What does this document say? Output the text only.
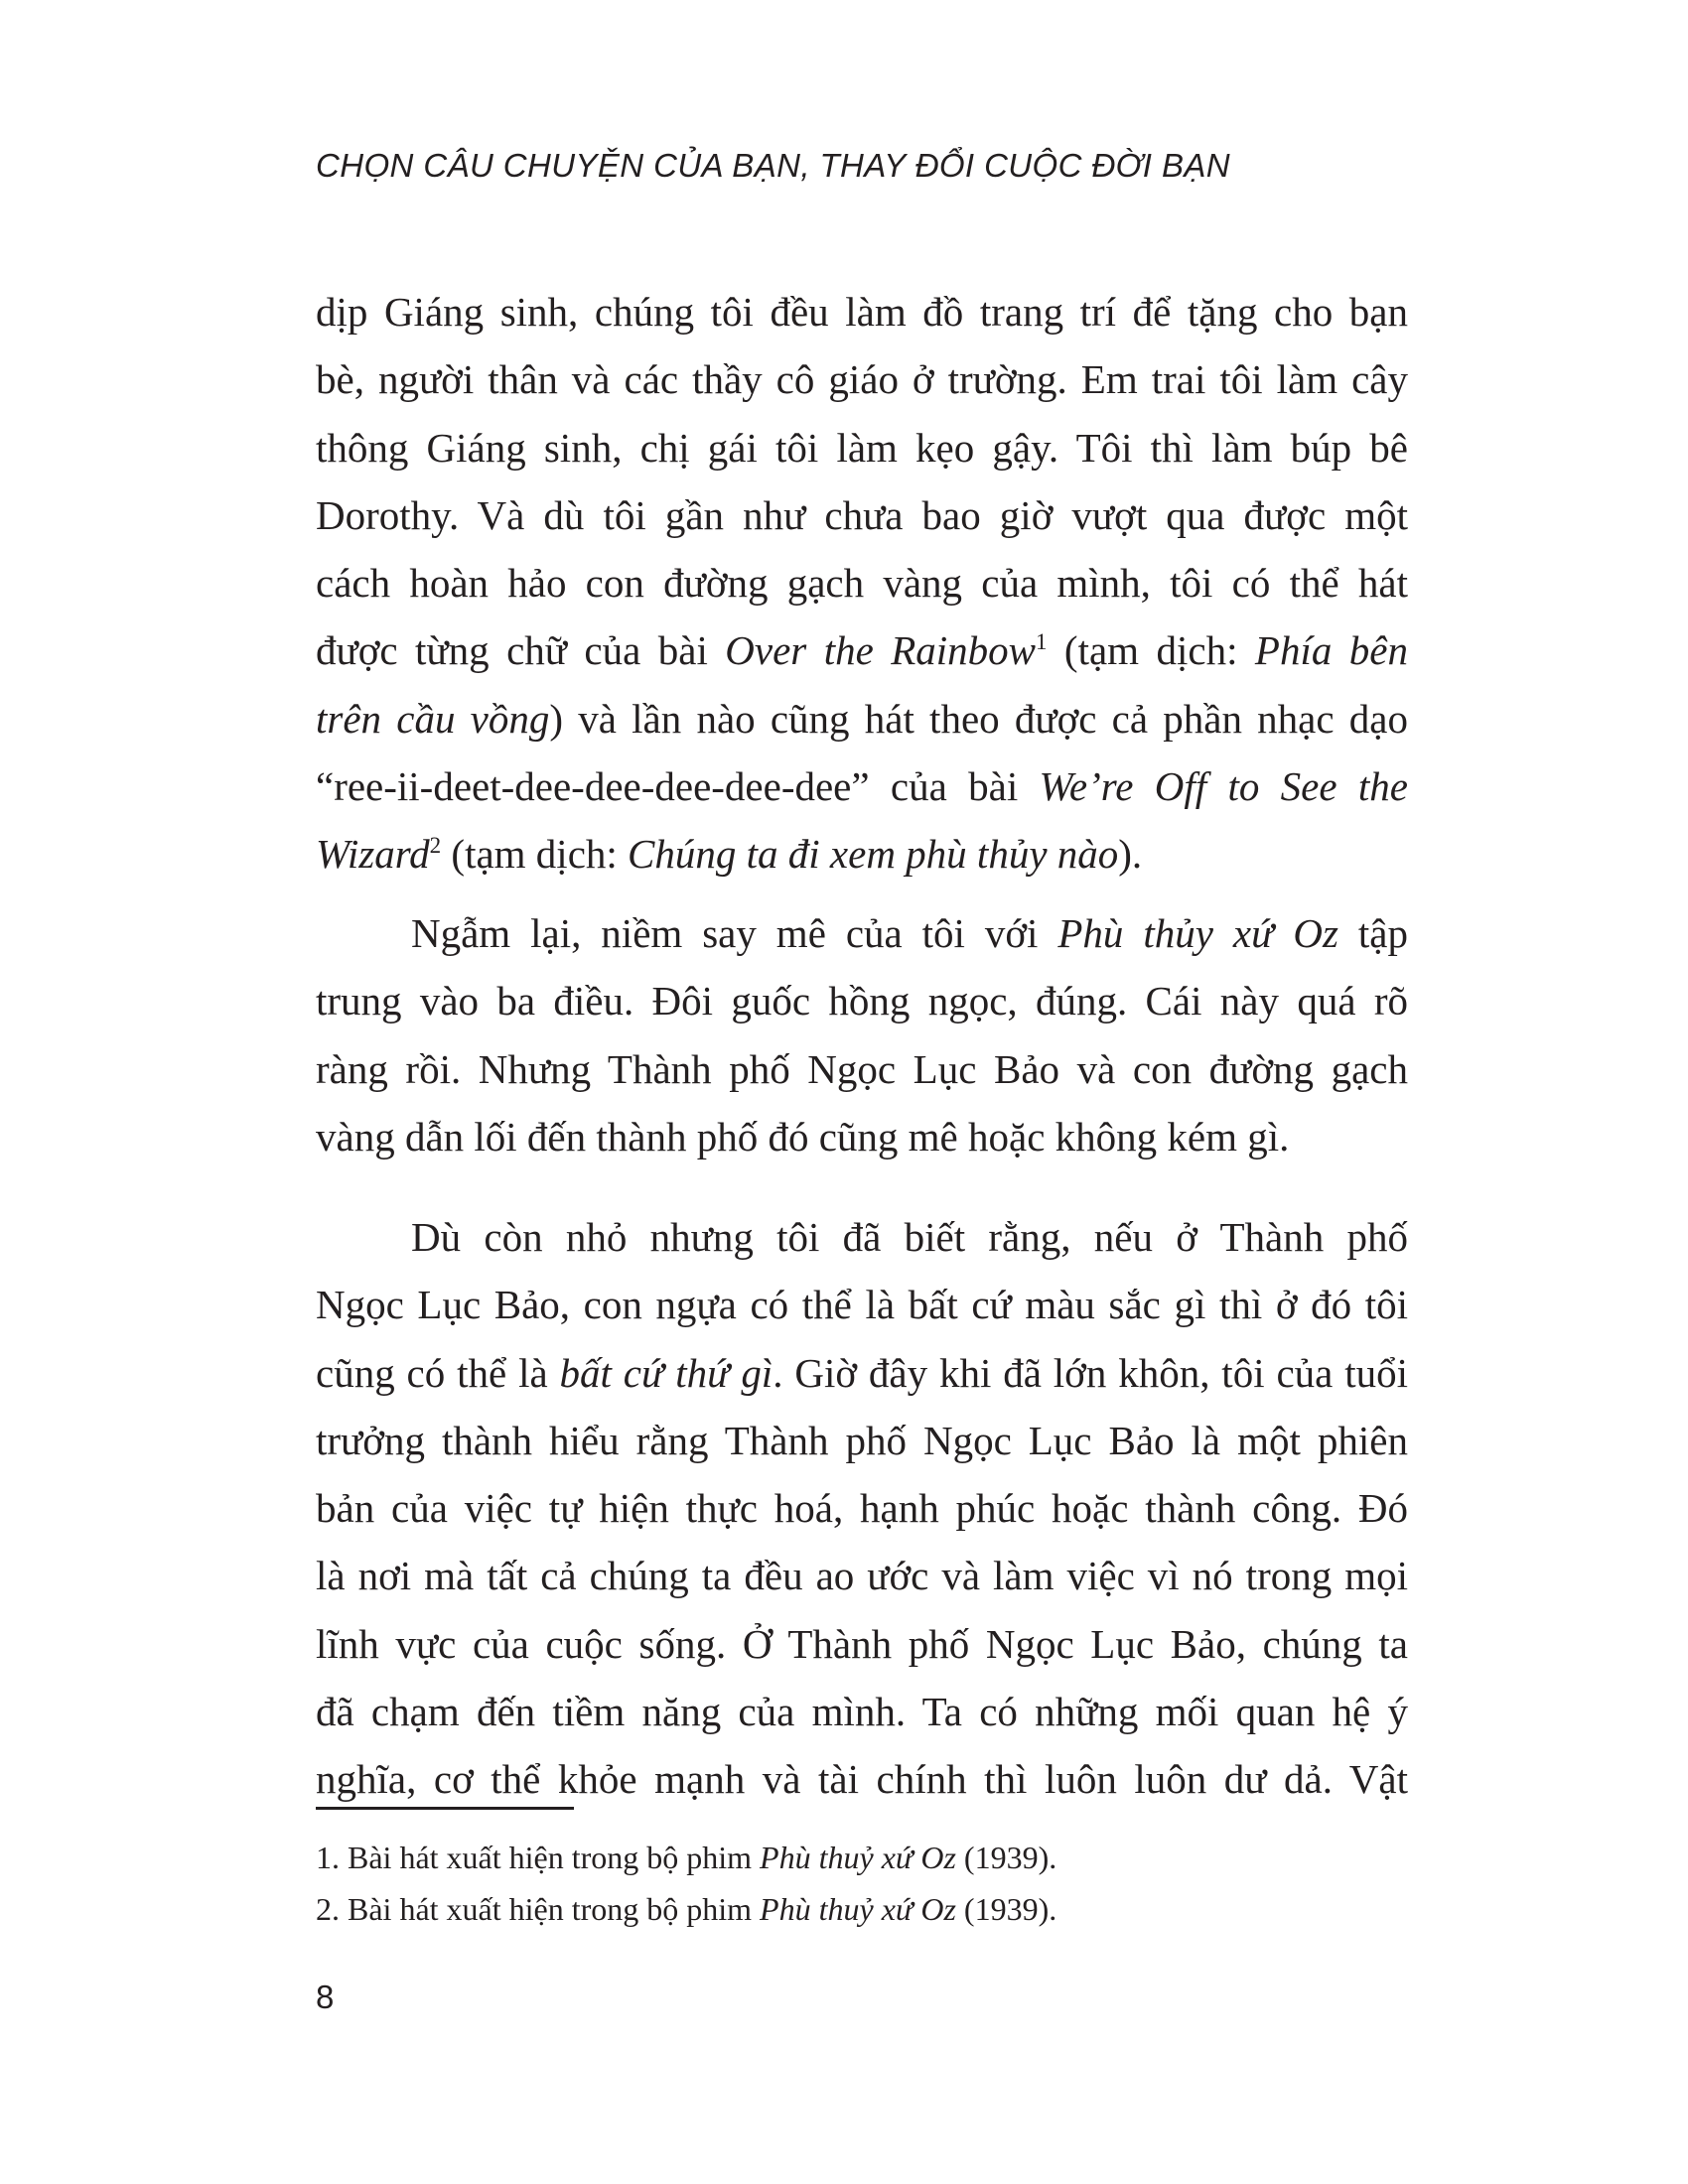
CHỌN CÂU CHUYỆN CỦA BẠN, THAY ĐỔI CUỘC ĐỜI BẠN
dịp Giáng sinh, chúng tôi đều làm đồ trang trí để tặng cho bạn
bè, người thân và các thầy cô giáo ở trường. Em trai tôi làm cây
thông Giáng sinh, chị gái tôi làm kẹo gậy. Tôi thì làm búp bê
Dorothy. Và dù tôi gần như chưa bao giờ vượt qua được một
cách hoàn hảo con đường gạch vàng của mình, tôi có thể hát
được từng chữ của bài Over the Rainbow$^1$ (tạm dịch: Phía bên
trên cầu vồng) và lần nào cũng hát theo được cả phần nhạc dạo
“ree-ii-deet-dee-dee-dee-dee-dee” của bài We’re Off to See the
Wizard$^2$ (tạm dịch: Chúng ta đi xem phù thủy nào).
Ngẫm lại, niềm say mê của tôi với Phù thủy xứ Oz tập
trung vào ba điều. Đôi guốc hồng ngọc, đúng. Cái này quá rõ
ràng rồi. Nhưng Thành phố Ngọc Lục Bảo và con đường gạch
vàng dẫn lối đến thành phố đó cũng mê hoặc không kém gì.
Dù còn nhỏ nhưng tôi đã biết rằng, nếu ở Thành phố
Ngọc Lục Bảo, con ngựa có thể là bất cứ màu sắc gì thì ở đó tôi
cũng có thể là bất cứ thứ gì. Giờ đây khi đã lớn khôn, tôi của tuổi
trưởng thành hiểu rằng Thành phố Ngọc Lục Bảo là một phiên
bản của việc tự hiện thực hoá, hạnh phúc hoặc thành công. Đó
là nơi mà tất cả chúng ta đều ao ước và làm việc vì nó trong mọi
lĩnh vực của cuộc sống. Ở Thành phố Ngọc Lục Bảo, chúng ta
đã chạm đến tiềm năng của mình. Ta có những mối quan hệ ý
nghĩa, cơ thể khỏe mạnh và tài chính thì luôn luôn dư dả. Vật
1. Bài hát xuất hiện trong bộ phim Phù thuỷ xứ Oz (1939).
2. Bài hát xuất hiện trong bộ phim Phù thuỷ xứ Oz (1939).
8
